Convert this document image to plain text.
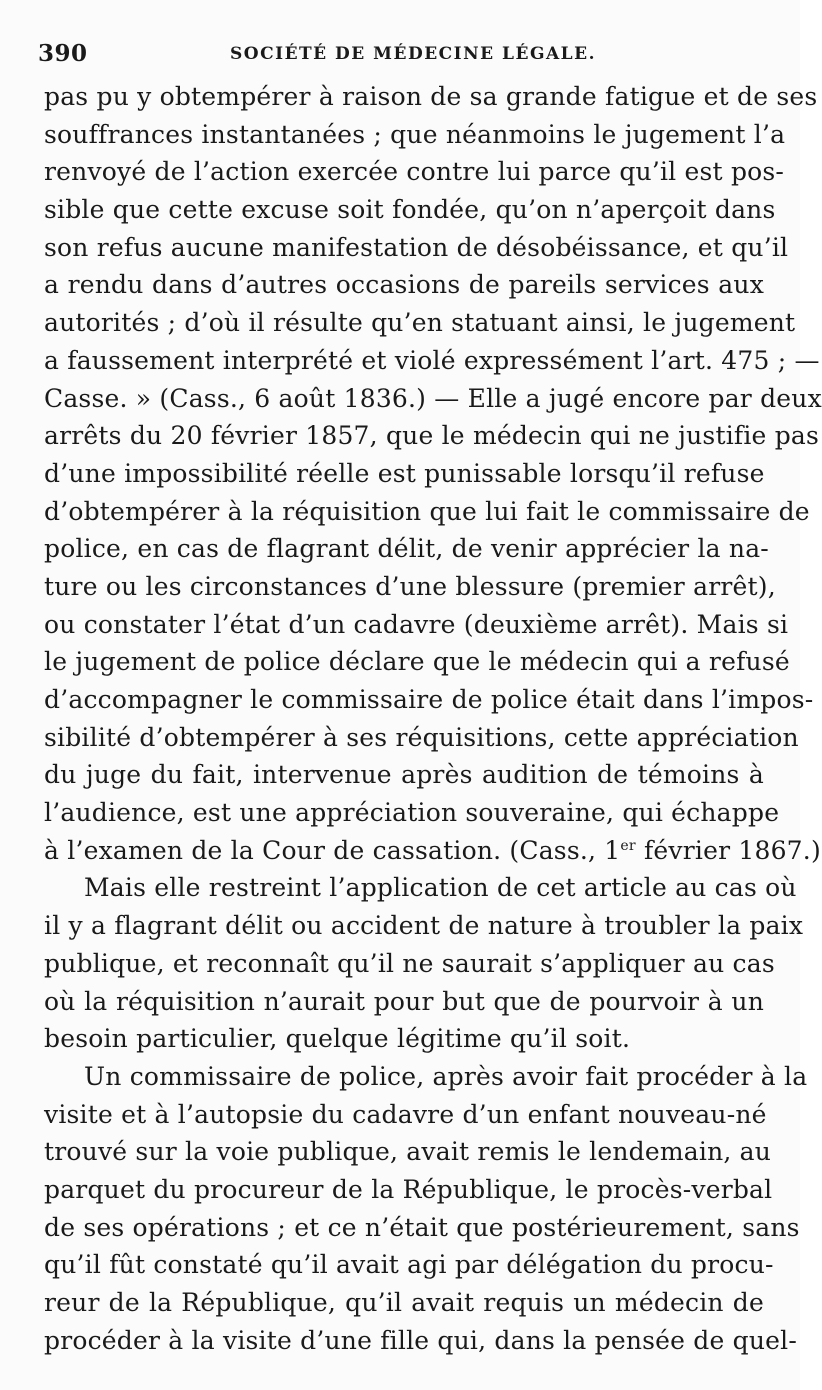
390	SOCIÉTÉ DE MÉDECINE LÉGALE.
pas pu y obtempérer à raison de sa grande fatigue et de ses
souffrances instantanées ; que néanmoins le jugement l’a
renvoyé de l’action exercée contre lui parce qu’il est pos-
sible que cette excuse soit fondée, qu’on n’aperçoit dans
son refus aucune manifestation de désobéissance, et qu’il
a rendu dans d’autres occasions de pareils services aux
autorités ; d’où il résulte qu’en statuant ainsi, le jugement
a faussement interprété et violé expressément l’art. 475 ; —
Casse. » (Cass., 6 août 1836.) — Elle a jugé encore par deux
arrêts du 20 février 1857, que le médecin qui ne justifie pas
d’une impossibilité réelle est punissable lorsqu’il refuse
d’obtempérer à la réquisition que lui fait le commissaire de
police, en cas de flagrant délit, de venir apprécier la na-
ture ou les circonstances d’une blessure (premier arrêt),
ou constater l’état d’un cadavre (deuxième arrêt). Mais si
le jugement de police déclare que le médecin qui a refusé
d’accompagner le commissaire de police était dans l’impos-
sibilité d’obtempérer à ses réquisitions, cette appréciation
du juge du fait, intervenue après audition de témoins à
l’audience, est une appréciation souveraine, qui échappe
à l’examen de la Cour de cassation. (Cass., 1er février 1867.)
Mais elle restreint l’application de cet article au cas où
il y a flagrant délit ou accident de nature à troubler la paix
publique, et reconnaît qu’il ne saurait s’appliquer au cas
où la réquisition n’aurait pour but que de pourvoir à un
besoin particulier, quelque légitime qu’il soit.
Un commissaire de police, après avoir fait procéder à la
visite et à l’autopsie du cadavre d’un enfant nouveau-né
trouvé sur la voie publique, avait remis le lendemain, au
parquet du procureur de la République, le procès-verbal
de ses opérations ; et ce n’était que postérieurement, sans
qu’il fût constaté qu’il avait agi par délégation du procu-
reur de la République, qu’il avait requis un médecin de
procéder à la visite d’une fille qui, dans la pensée de quel-
